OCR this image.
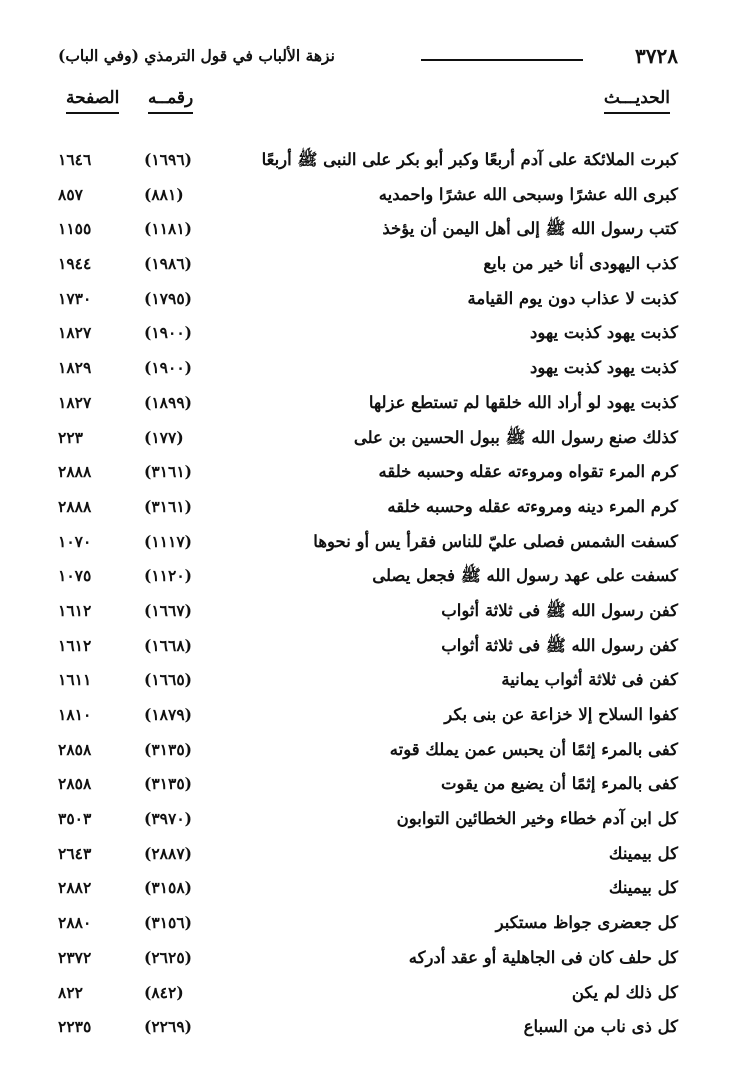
٣٧٢٨
نزهة الألباب في قول الترمذي (وفي الباب)
الحديـــث
رقمــه
الصفحة
كبرت الملائكة على آدم أربعًا وكبر أبو بكر على النبى ﷺ أربعًا
(١٦٩٦)
١٦٤٦
كبرى الله عشرًا وسبحى الله عشرًا واحمديه
(٨٨١)
٨٥٧
كتب رسول الله ﷺ إلى أهل اليمن أن يؤخذ
(١١٨١)
١١٥٥
كذب اليهودى أنا خير من بايع
(١٩٨٦)
١٩٤٤
كذبت لا عذاب دون يوم القيامة
(١٧٩٥)
١٧٣٠
كذبت يهود كذبت يهود
(١٩٠٠)
١٨٢٧
كذبت يهود كذبت يهود
(١٩٠٠)
١٨٢٩
كذبت يهود لو أراد الله خلقها لم تستطع عزلها
(١٨٩٩)
١٨٢٧
كذلك صنع رسول الله ﷺ ببول الحسين بن على
(١٧٧)
٢٢٣
كرم المرء تقواه ومروءته عقله وحسبه خلقه
(٣١٦١)
٢٨٨٨
كرم المرء دينه ومروءته عقله وحسبه خلقه
(٣١٦١)
٢٨٨٨
كسفت الشمس فصلى عليّ للناس فقرأ يس أو نحوها
(١١١٧)
١٠٧٠
كسفت على عهد رسول الله ﷺ فجعل يصلى
(١١٢٠)
١٠٧٥
كفن رسول الله ﷺ فى ثلاثة أثواب
(١٦٦٧)
١٦١٢
كفن رسول الله ﷺ فى ثلاثة أثواب
(١٦٦٨)
١٦١٢
كفن فى ثلاثة أثواب يمانية
(١٦٦٥)
١٦١١
كفوا السلاح إلا خزاعة عن بنى بكر
(١٨٧٩)
١٨١٠
كفى بالمرء إثمًا أن يحبس عمن يملك قوته
(٣١٣٥)
٢٨٥٨
كفى بالمرء إثمًا أن يضيع من يقوت
(٣١٣٥)
٢٨٥٨
كل ابن آدم خطاء وخير الخطائين التوابون
(٣٩٧٠)
٣٥٠٣
كل بيمينك
(٢٨٨٧)
٢٦٤٣
كل بيمينك
(٣١٥٨)
٢٨٨٢
كل جعضرى جواظ مستكبر
(٣١٥٦)
٢٨٨٠
كل حلف كان فى الجاهلية أو عقد أدركه
(٢٦٢٥)
٢٣٧٢
كل ذلك لم يكن
(٨٤٢)
٨٢٢
كل ذى ناب من السباع
(٢٢٦٩)
٢٢٣٥
